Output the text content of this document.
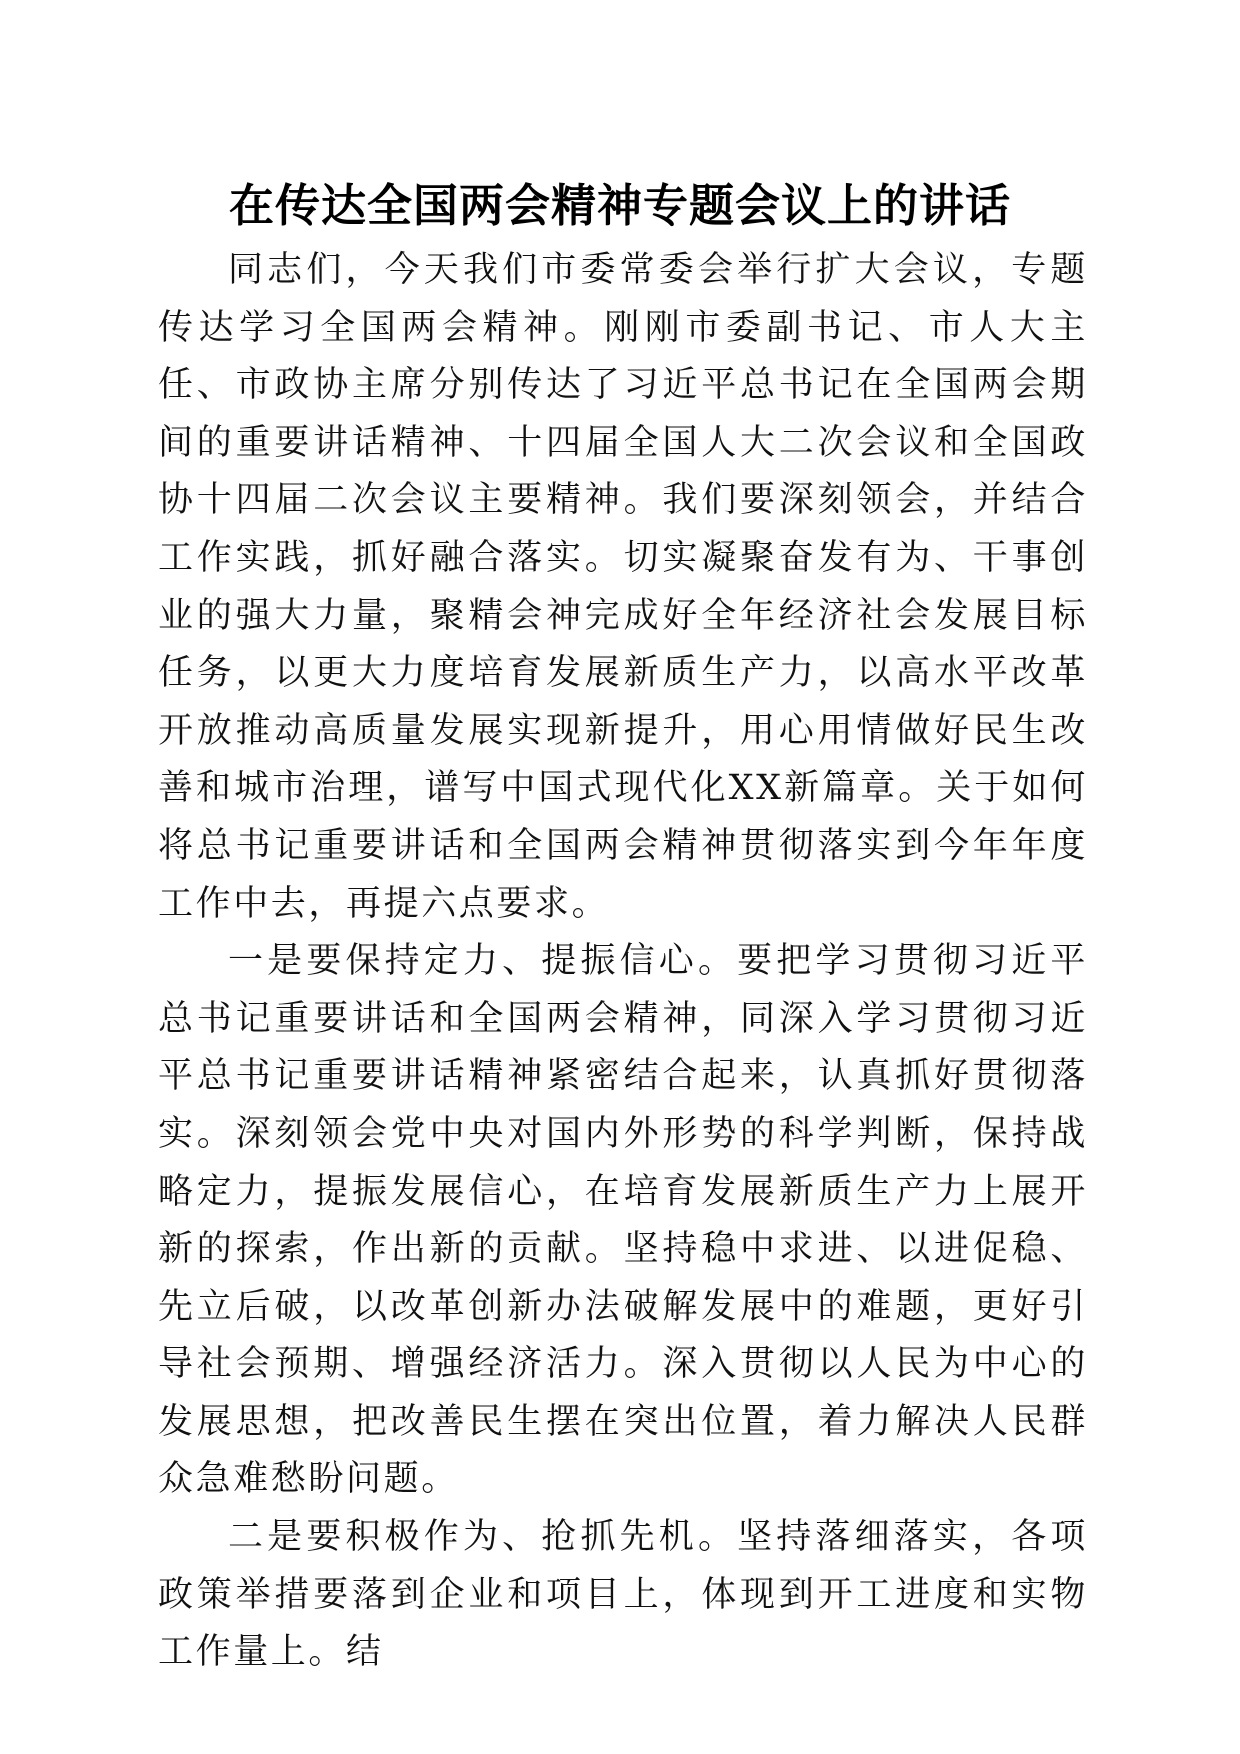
在传达全国两会精神专题会议上的讲话

同志们，今天我们市委常委会举行扩大会议，专题传达学习全国两会精神。刚刚市委副书记、市人大主任、市政协主席分别传达了习近平总书记在全国两会期间的重要讲话精神、十四届全国人大二次会议和全国政协十四届二次会议主要精神。我们要深刻领会，并结合工作实践，抓好融合落实。切实凝聚奋发有为、干事创业的强大力量，聚精会神完成好全年经济社会发展目标任务，以更大力度培育发展新质生产力，以高水平改革开放推动高质量发展实现新提升，用心用情做好民生改善和城市治理，谱写中国式现代化XX新篇章。关于如何将总书记重要讲话和全国两会精神贯彻落实到今年年度工作中去，再提六点要求。

一是要保持定力、提振信心。要把学习贯彻习近平总书记重要讲话和全国两会精神，同深入学习贯彻习近平总书记重要讲话精神紧密结合起来，认真抓好贯彻落实。深刻领会党中央对国内外形势的科学判断，保持战略定力，提振发展信心，在培育发展新质生产力上展开新的探索，作出新的贡献。坚持稳中求进、以进促稳、先立后破，以改革创新办法破解发展中的难题，更好引导社会预期、增强经济活力。深入贯彻以人民为中心的发展思想，把改善民生摆在突出位置，着力解决人民群众急难愁盼问题。

二是要积极作为、抢抓先机。坚持落细落实，各项政策举措要落到企业和项目上，体现到开工进度和实物工作量上。结
